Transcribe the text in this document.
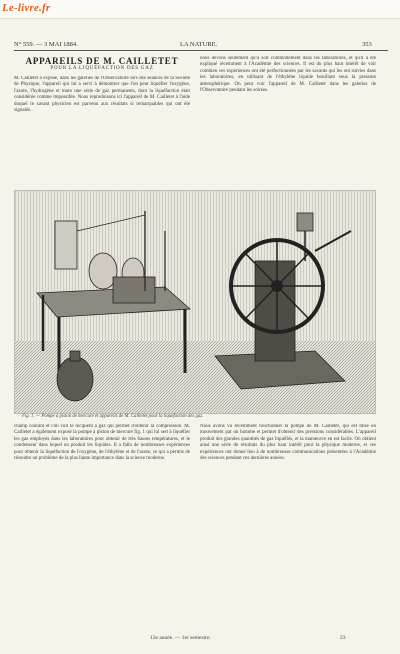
Le-livre.fr
N° 559. — 3 MAI 1884.	LA NATURE.	353
APPAREILS DE M. CAILLETET
POUR LA LIQUÉFACTION DES GAZ
M. Cailletet a exposé, dans les galeries de l'Observatoire lors des séances de la Société de Physique, l'appareil qui lui a servi à démontrer que l'on peut liquéfier l'oxygène, l'azote, l'hydrogène et toute une série de gaz permanents, dont la liquéfaction était considérée comme impossible. Nous reproduisons ici l'appareil de M. Cailletet à l'aide duquel le savant physicien est parvenu aux résultats si remarquables qui ont été signalés.
nous devons seulement qu'il soit commodément dans les laboratoires, et qu'il a été expliqué récemment à l'Académie des sciences. Il est du plus haut intérêt de voir combien ces expériences ont été perfectionnées par les savants qui les ont suivies dans les laboratoires, en utilisant de l'éthylène liquide bouillant sous la pression atmosphérique. On peut voir l'appareil de M. Cailletet dans les galeries de l'Observatoire pendant les soirées.
Fig. 1. — Pompe à piston de mercure et appareils de M. Cailletet pour la liquéfaction des gaz.
champ courant et l'on voit le récipient à gaz qui permet d'obtenir la compression. M. Cailletet a également exposé la pompe à piston de mercure fig. 1 qui lui sert à liquéfier les gaz employés dans les laboratoires pour obtenir de très basses températures, et le condenseur dans lequel on produit les liquides. Il a fallu de nombreuses expériences pour obtenir la liquéfaction de l'oxygène, de l'éthylène et de l'azote, ce qui a permis de résoudre un problème de la plus haute importance dans la science moderne.
Nous avons vu récemment fonctionner la pompe de M. Cailletet, qui est mise en mouvement par un homme et permet d'obtenir des pressions considérables. L'appareil produit des grandes quantités de gaz liquéfiés, et la manœuvre en est facile. On obtient ainsi une série de résultats du plus haut intérêt pour la physique moderne, et ces expériences ont donné lieu à de nombreuses communications présentées à l'Académie des sciences pendant ces dernières années.
12e année. — 1er semestre.	23
